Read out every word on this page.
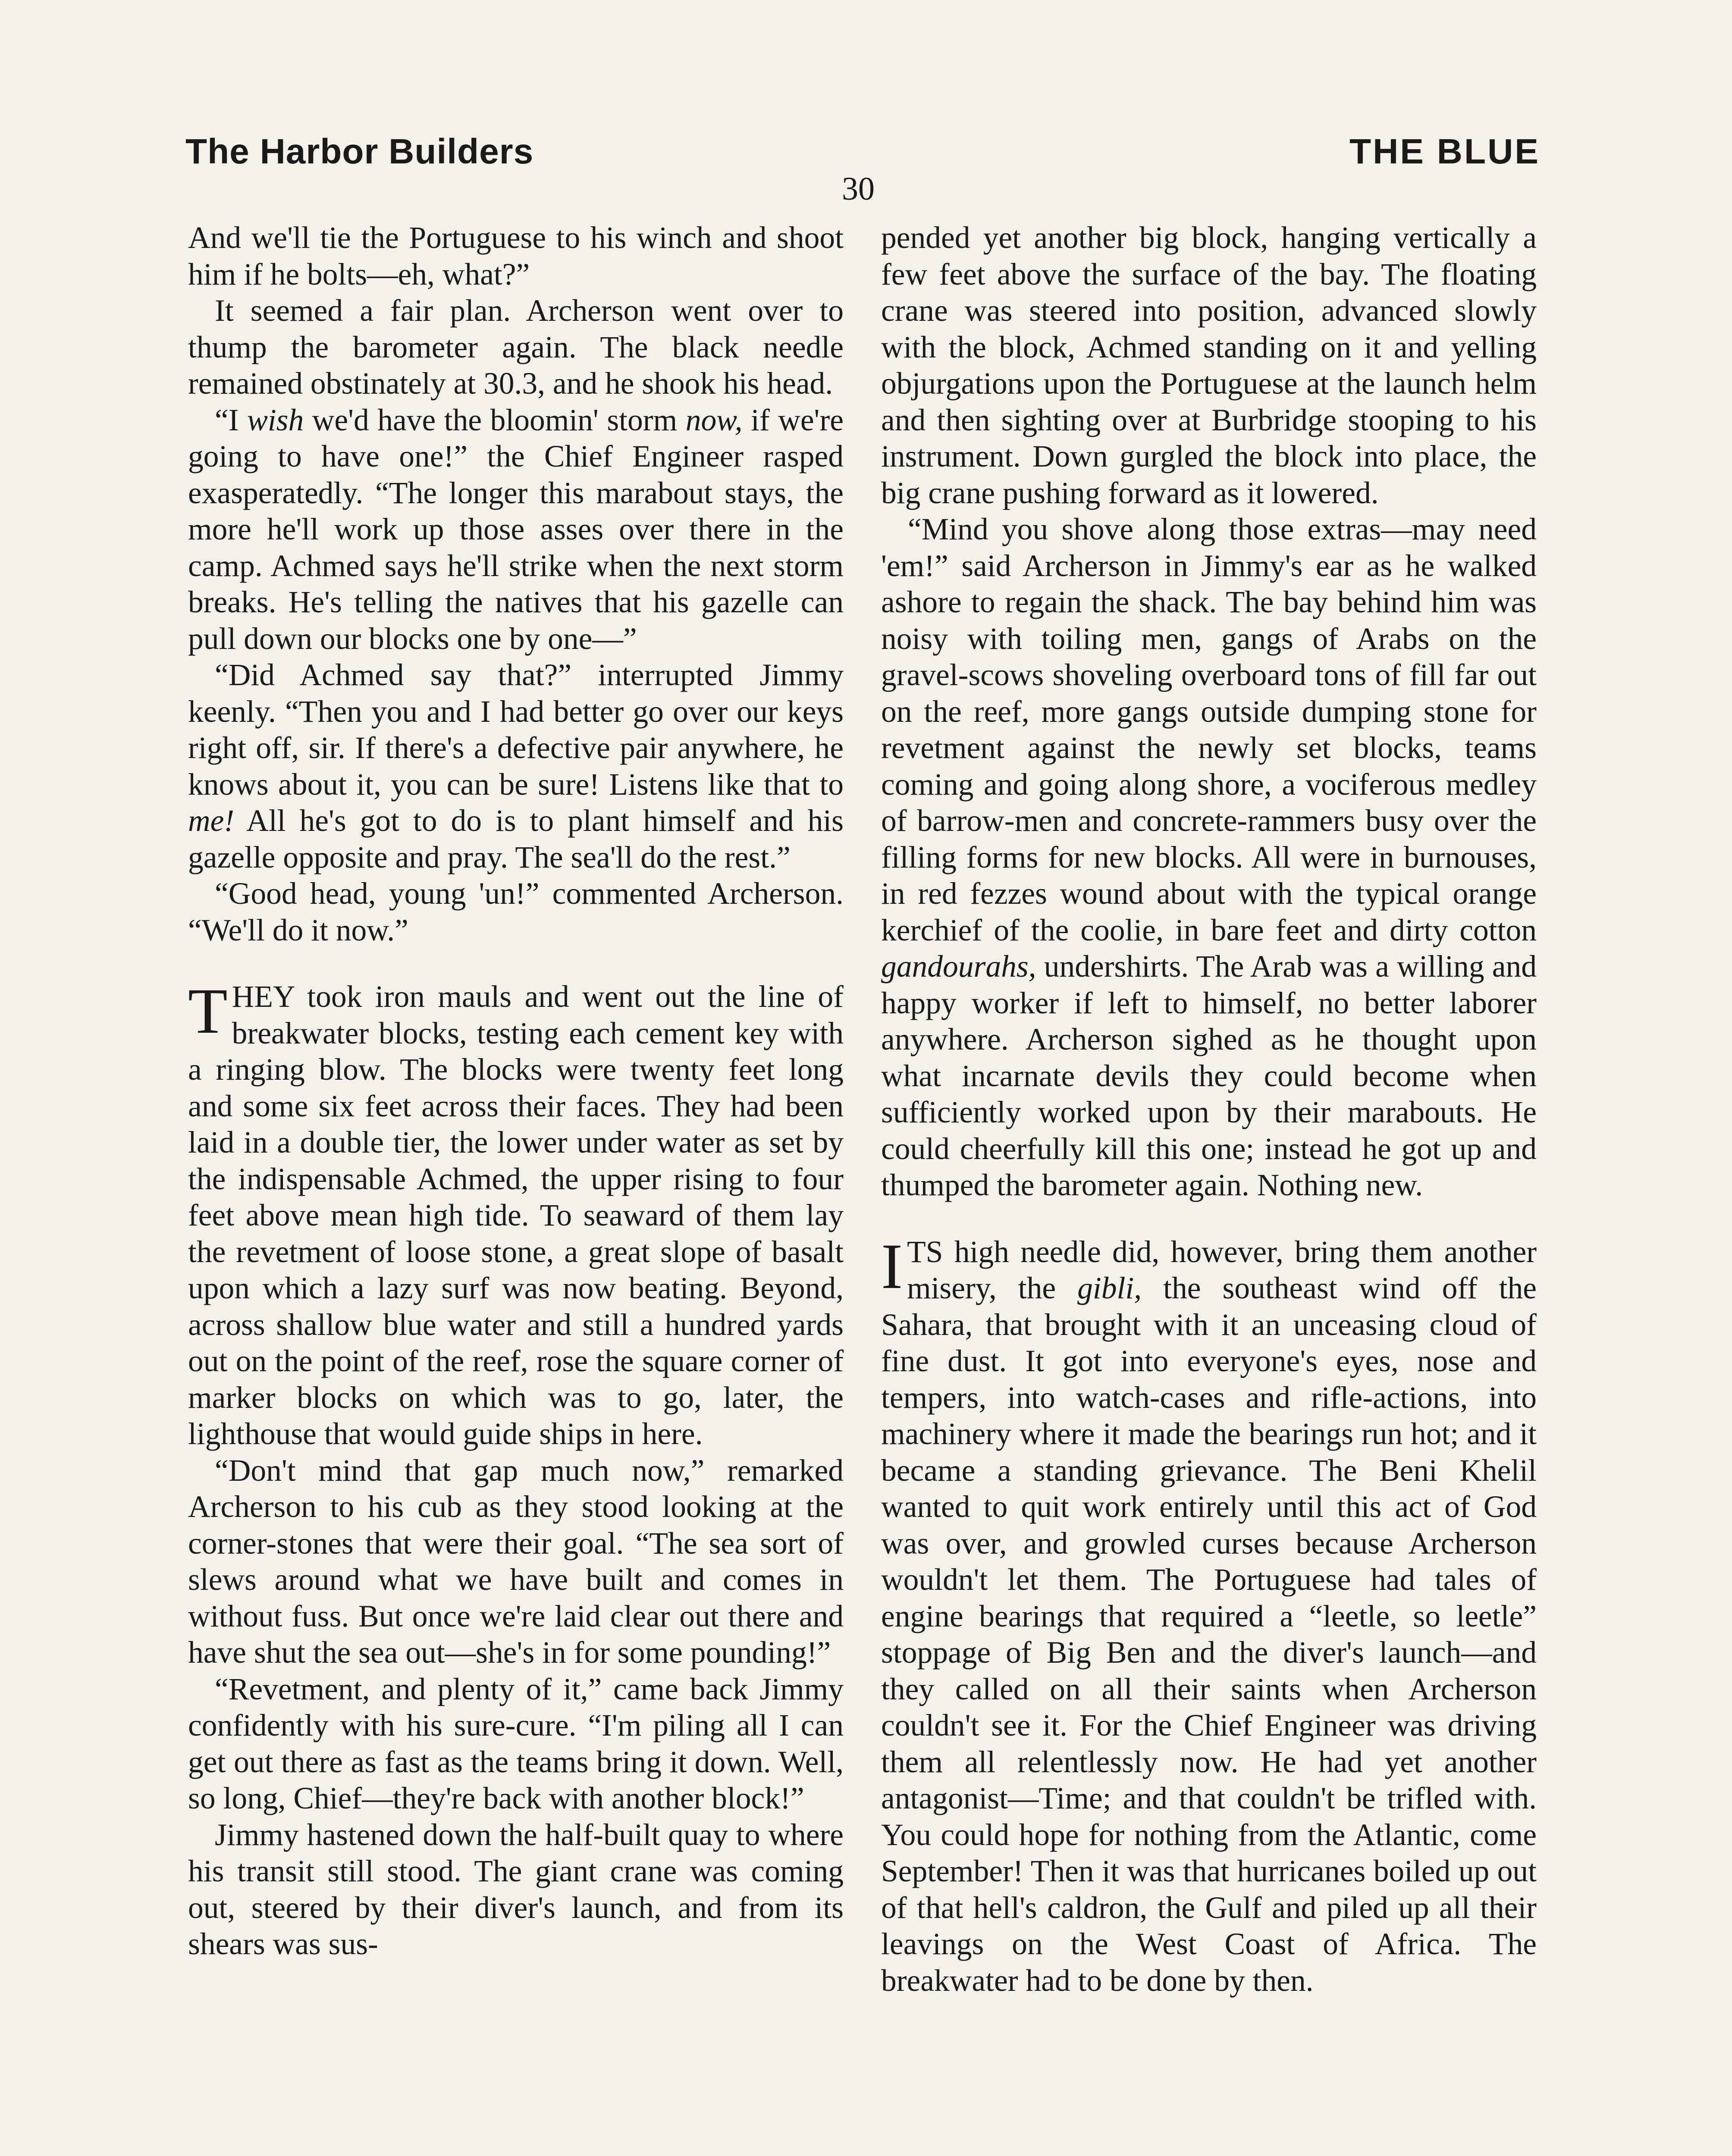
The Harbor Builders	THE BLUE
30

And we'll tie the Portuguese to his winch and shoot him if he bolts—eh, what?”

It seemed a fair plan. Archerson went over to thump the barometer again. The black needle remained obstinately at 30.3, and he shook his head.

“I wish we'd have the bloomin' storm now, if we're going to have one!” the Chief Engineer rasped exasperatedly. “The longer this marabout stays, the more he'll work up those asses over there in the camp. Achmed says he'll strike when the next storm breaks. He's telling the natives that his gazelle can pull down our blocks one by one—”

“Did Achmed say that?” interrupted Jimmy keenly. “Then you and I had better go over our keys right off, sir. If there's a defective pair anywhere, he knows about it, you can be sure! Listens like that to me! All he's got to do is to plant himself and his gazelle opposite and pray. The sea'll do the rest.”

“Good head, young 'un!” commented Archerson. “We'll do it now.”

THEY took iron mauls and went out the line of breakwater blocks, testing each cement key with a ringing blow. The blocks were twenty feet long and some six feet across their faces. They had been laid in a double tier, the lower under water as set by the indispensable Achmed, the upper rising to four feet above mean high tide. To seaward of them lay the revetment of loose stone, a great slope of basalt upon which a lazy surf was now beating. Beyond, across shallow blue water and still a hundred yards out on the point of the reef, rose the square corner of marker blocks on which was to go, later, the lighthouse that would guide ships in here.

“Don't mind that gap much now,” remarked Archerson to his cub as they stood looking at the corner-stones that were their goal. “The sea sort of slews around what we have built and comes in without fuss. But once we're laid clear out there and have shut the sea out—she's in for some pounding!”

“Revetment, and plenty of it,” came back Jimmy confidently with his sure-cure. “I'm piling all I can get out there as fast as the teams bring it down. Well, so long, Chief—they're back with another block!”

Jimmy hastened down the half-built quay to where his transit still stood. The giant crane was coming out, steered by their diver's launch, and from its shears was sus-

pended yet another big block, hanging vertically a few feet above the surface of the bay. The floating crane was steered into position, advanced slowly with the block, Achmed standing on it and yelling objurgations upon the Portuguese at the launch helm and then sighting over at Burbridge stooping to his instrument. Down gurgled the block into place, the big crane pushing forward as it lowered.

“Mind you shove along those extras—may need 'em!” said Archerson in Jimmy's ear as he walked ashore to regain the shack. The bay behind him was noisy with toiling men, gangs of Arabs on the gravel-scows shoveling overboard tons of fill far out on the reef, more gangs outside dumping stone for revetment against the newly set blocks, teams coming and going along shore, a vociferous medley of barrow-men and concrete-rammers busy over the filling forms for new blocks. All were in burnouses, in red fezzes wound about with the typical orange kerchief of the coolie, in bare feet and dirty cotton gandourahs, undershirts. The Arab was a willing and happy worker if left to himself, no better laborer anywhere. Archerson sighed as he thought upon what incarnate devils they could become when sufficiently worked upon by their marabouts. He could cheerfully kill this one; instead he got up and thumped the barometer again. Nothing new.

ITS high needle did, however, bring them another misery, the gibli, the southeast wind off the Sahara, that brought with it an unceasing cloud of fine dust. It got into everyone's eyes, nose and tempers, into watch-cases and rifle-actions, into machinery where it made the bearings run hot; and it became a standing grievance. The Beni Khelil wanted to quit work entirely until this act of God was over, and growled curses because Archerson wouldn't let them. The Portuguese had tales of engine bearings that required a “leetle, so leetle” stoppage of Big Ben and the diver's launch—and they called on all their saints when Archerson couldn't see it. For the Chief Engineer was driving them all relentlessly now. He had yet another antagonist—Time; and that couldn't be trifled with. You could hope for nothing from the Atlantic, come September! Then it was that hurricanes boiled up out of that hell's caldron, the Gulf and piled up all their leavings on the West Coast of Africa. The breakwater had to be done by then.
